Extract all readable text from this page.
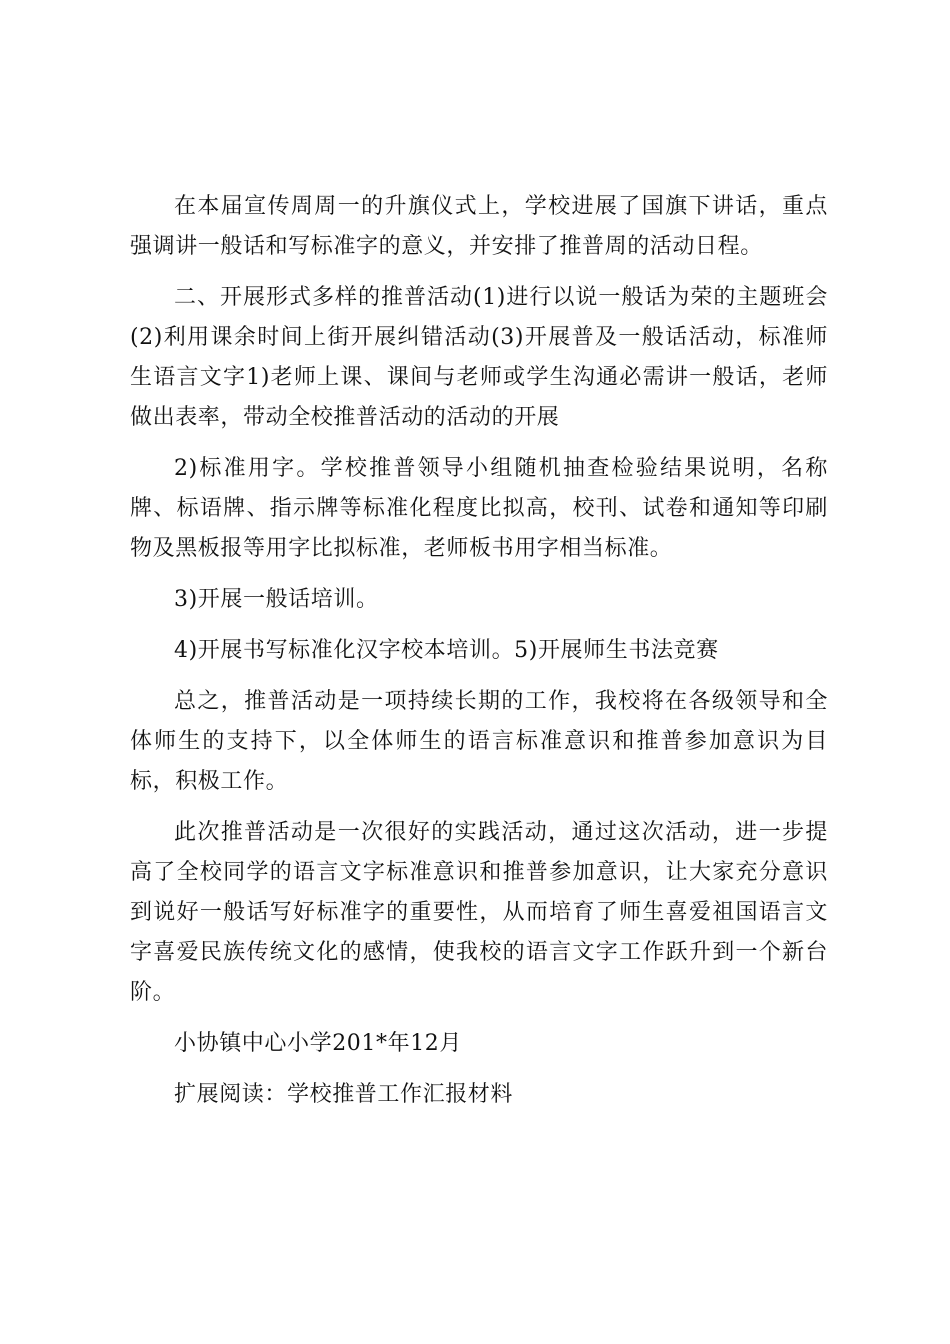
在本届宣传周周一的升旗仪式上，学校进展了国旗下讲话，重点强调讲一般话和写标准字的意义，并安排了推普周的活动日程。

二、开展形式多样的推普活动(1)进行以说一般话为荣的主题班会(2)利用课余时间上街开展纠错活动(3)开展普及一般话活动，标准师生语言文字1)老师上课、课间与老师或学生沟通必需讲一般话，老师做出表率，带动全校推普活动的活动的开展

2)标准用字。学校推普领导小组随机抽查检验结果说明，名称牌、标语牌、指示牌等标准化程度比拟高，校刊、试卷和通知等印刷物及黑板报等用字比拟标准，老师板书用字相当标准。

3)开展一般话培训。

4)开展书写标准化汉字校本培训。5)开展师生书法竞赛

总之，推普活动是一项持续长期的工作，我校将在各级领导和全体师生的支持下，以全体师生的语言标准意识和推普参加意识为目标，积极工作。

此次推普活动是一次很好的实践活动，通过这次活动，进一步提高了全校同学的语言文字标准意识和推普参加意识，让大家充分意识到说好一般话写好标准字的重要性，从而培育了师生喜爱祖国语言文字喜爱民族传统文化的感情，使我校的语言文字工作跃升到一个新台阶。

小协镇中心小学201*年12月

扩展阅读：学校推普工作汇报材料
